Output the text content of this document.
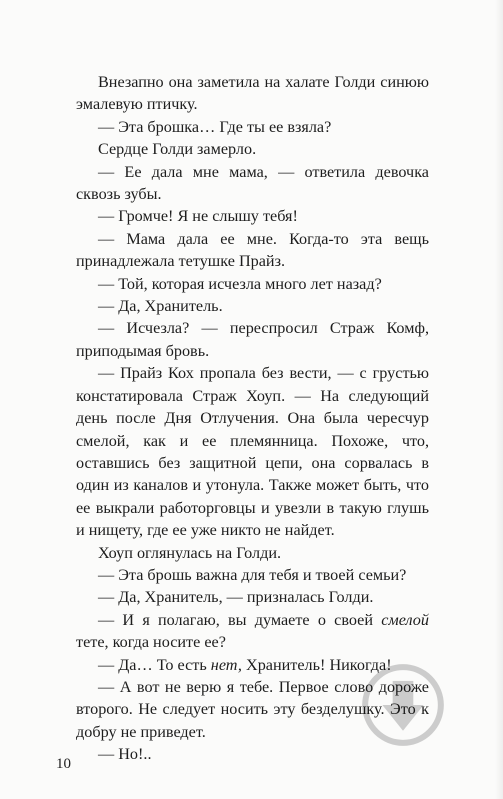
Внезапно она заметила на халате Голди синюю эмалевую птичку.

— Эта брошка… Где ты ее взяла?

Сердце Голди замерло.

— Ее дала мне мама, — ответила девочка сквозь зубы.

— Громче! Я не слышу тебя!

— Мама дала ее мне. Когда-то эта вещь принадлежала тетушке Прайз.

— Той, которая исчезла много лет назад?

— Да, Хранитель.

— Исчезла? — переспросил Страж Комф, приподымая бровь.

— Прайз Кох пропала без вести, — с грустью констатировала Страж Хоуп. — На следующий день после Дня Отлучения. Она была чересчур смелой, как и ее племянница. Похоже, что, оставшись без защитной цепи, она сорвалась в один из каналов и утонула. Также может быть, что ее выкрали работорговцы и увезли в такую глушь и нищету, где ее уже никто не найдет.

Хоуп оглянулась на Голди.

— Эта брошь важна для тебя и твоей семьи?

— Да, Хранитель, — призналась Голди.

— И я полагаю, вы думаете о своей смелой тете, когда носите ее?

— Да… То есть нет, Хранитель! Никогда!

— А вот не верю я тебе. Первое слово дороже второго. Не следует носить эту безделушку. Это к добру не приведет.

— Но!..

10
